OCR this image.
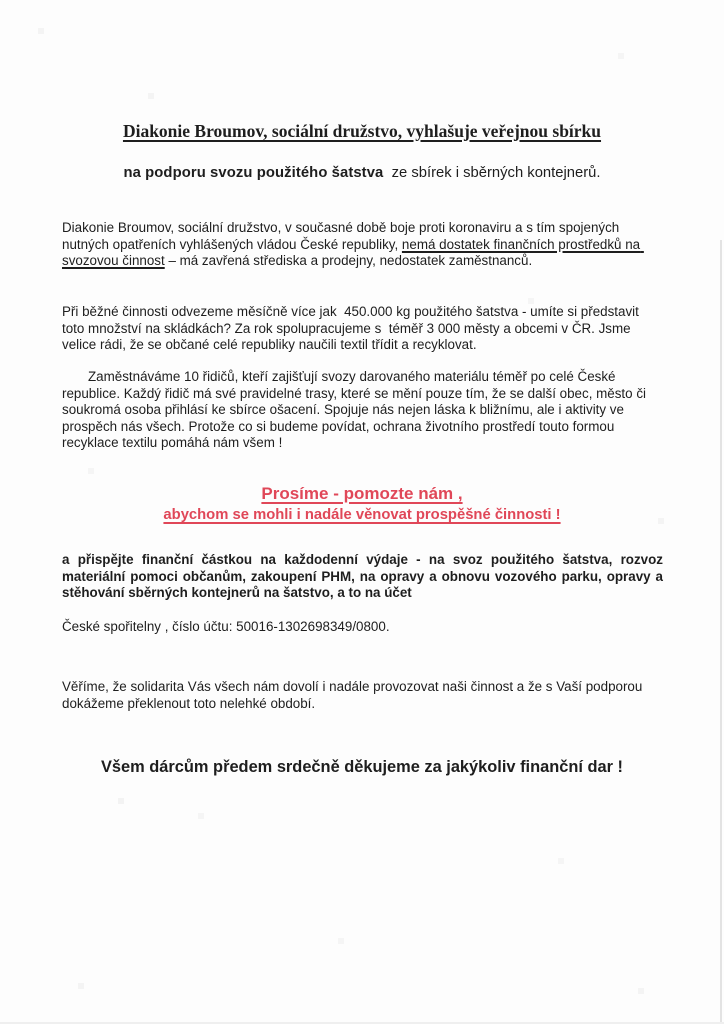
Diakonie Broumov, sociální družstvo, vyhlašuje veřejnou sbírku

na podporu svozu použitého šatstva  ze sbírek i sběrných kontejnerů.

Diakonie Broumov, sociální družstvo, v současné době boje proti koronaviru a s tím spojených nutných opatřeních vyhlášených vládou České republiky, nemá dostatek finančních prostředků na svozovou činnost – má zavřená střediska a prodejny, nedostatek zaměstnanců.

Při běžné činnosti odvezeme měsíčně více jak  450.000 kg použitého šatstva - umíte si představit toto množství na skládkách? Za rok spolupracujeme s  téměř 3 000 městy a obcemi v ČR. Jsme velice rádi, že se občané celé republiky naučili textil třídit a recyklovat.

Zaměstnáváme 10 řidičů, kteří zajišťují svozy darovaného materiálu téměř po celé České republice. Každý řidič má své pravidelné trasy, které se mění pouze tím, že se další obec, město či soukromá osoba přihlásí ke sbírce ošacení. Spojuje nás nejen láska k bližnímu, ale i aktivity ve prospěch nás všech. Protože co si budeme povídat, ochrana životního prostředí touto formou recyklace textilu pomáhá nám všem !

Prosíme - pomozte nám ,
abychom se mohli i nadále věnovat prospěšné činnosti !

a přispějte finanční částkou na každodenní výdaje - na svoz použitého šatstva, rozvoz materiální pomoci občanům, zakoupení PHM, na opravy a obnovu vozového parku, opravy a stěhování sběrných kontejnerů na šatstvo, a to na účet

České spořitelny , číslo účtu: 50016-1302698349/0800.

Věříme, že solidarita Vás všech nám dovolí i nadále provozovat naši činnost a že s Vaší podporou dokážeme překlenout toto nelehké období.

Všem dárcům předem srdečně děkujeme za jakýkoliv finanční dar !
